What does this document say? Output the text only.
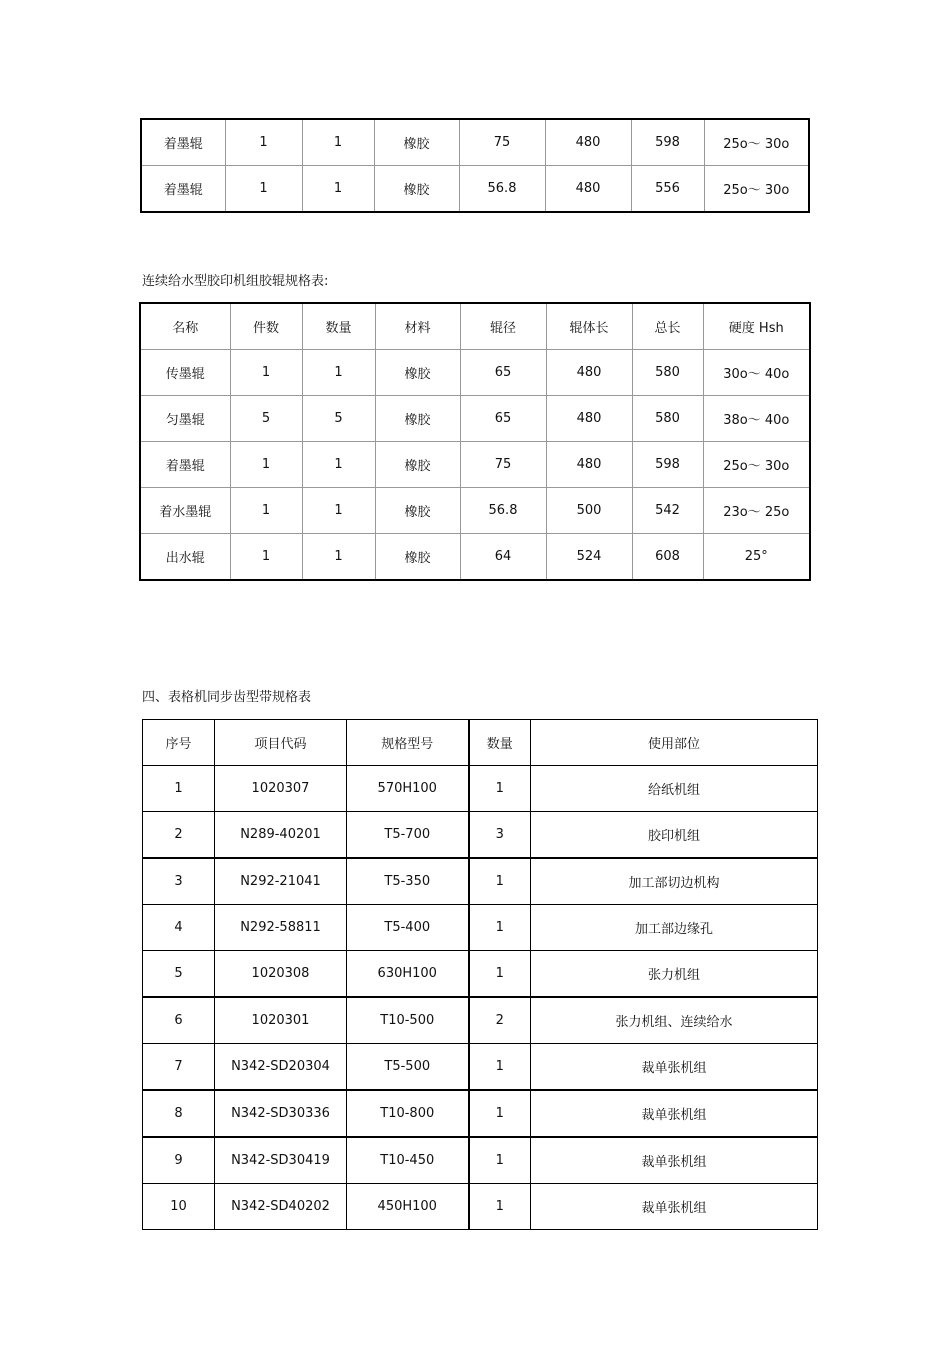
着墨辊	1	1	橡胶	75	480	598	25o～ 30o
着墨辊	1	1	橡胶	56.8	480	556	25o～ 30o
连续给水型胶印机组胶辊规格表:
名称	件数	数量	材料	辊径	辊体长	总长	硬度 Hsh
传墨辊	1	1	橡胶	65	480	580	30o～ 40o
匀墨辊	5	5	橡胶	65	480	580	38o～ 40o
着墨辊	1	1	橡胶	75	480	598	25o～ 30o
着水墨辊	1	1	橡胶	56.8	500	542	23o～ 25o
出水辊	1	1	橡胶	64	524	608	25°
四、表格机同步齿型带规格表
序号	项目代码	规格型号	数量	使用部位
1	1020307	570H100	1	给纸机组
2	N289-40201	T5-700	3	胶印机组
3	N292-21041	T5-350	1	加工部切边机构
4	N292-58811	T5-400	1	加工部边缘孔
5	1020308	630H100	1	张力机组
6	1020301	T10-500	2	张力机组、连续给水
7	N342-SD20304	T5-500	1	裁单张机组
8	N342-SD30336	T10-800	1	裁单张机组
9	N342-SD30419	T10-450	1	裁单张机组
10	N342-SD40202	450H100	1	裁单张机组
